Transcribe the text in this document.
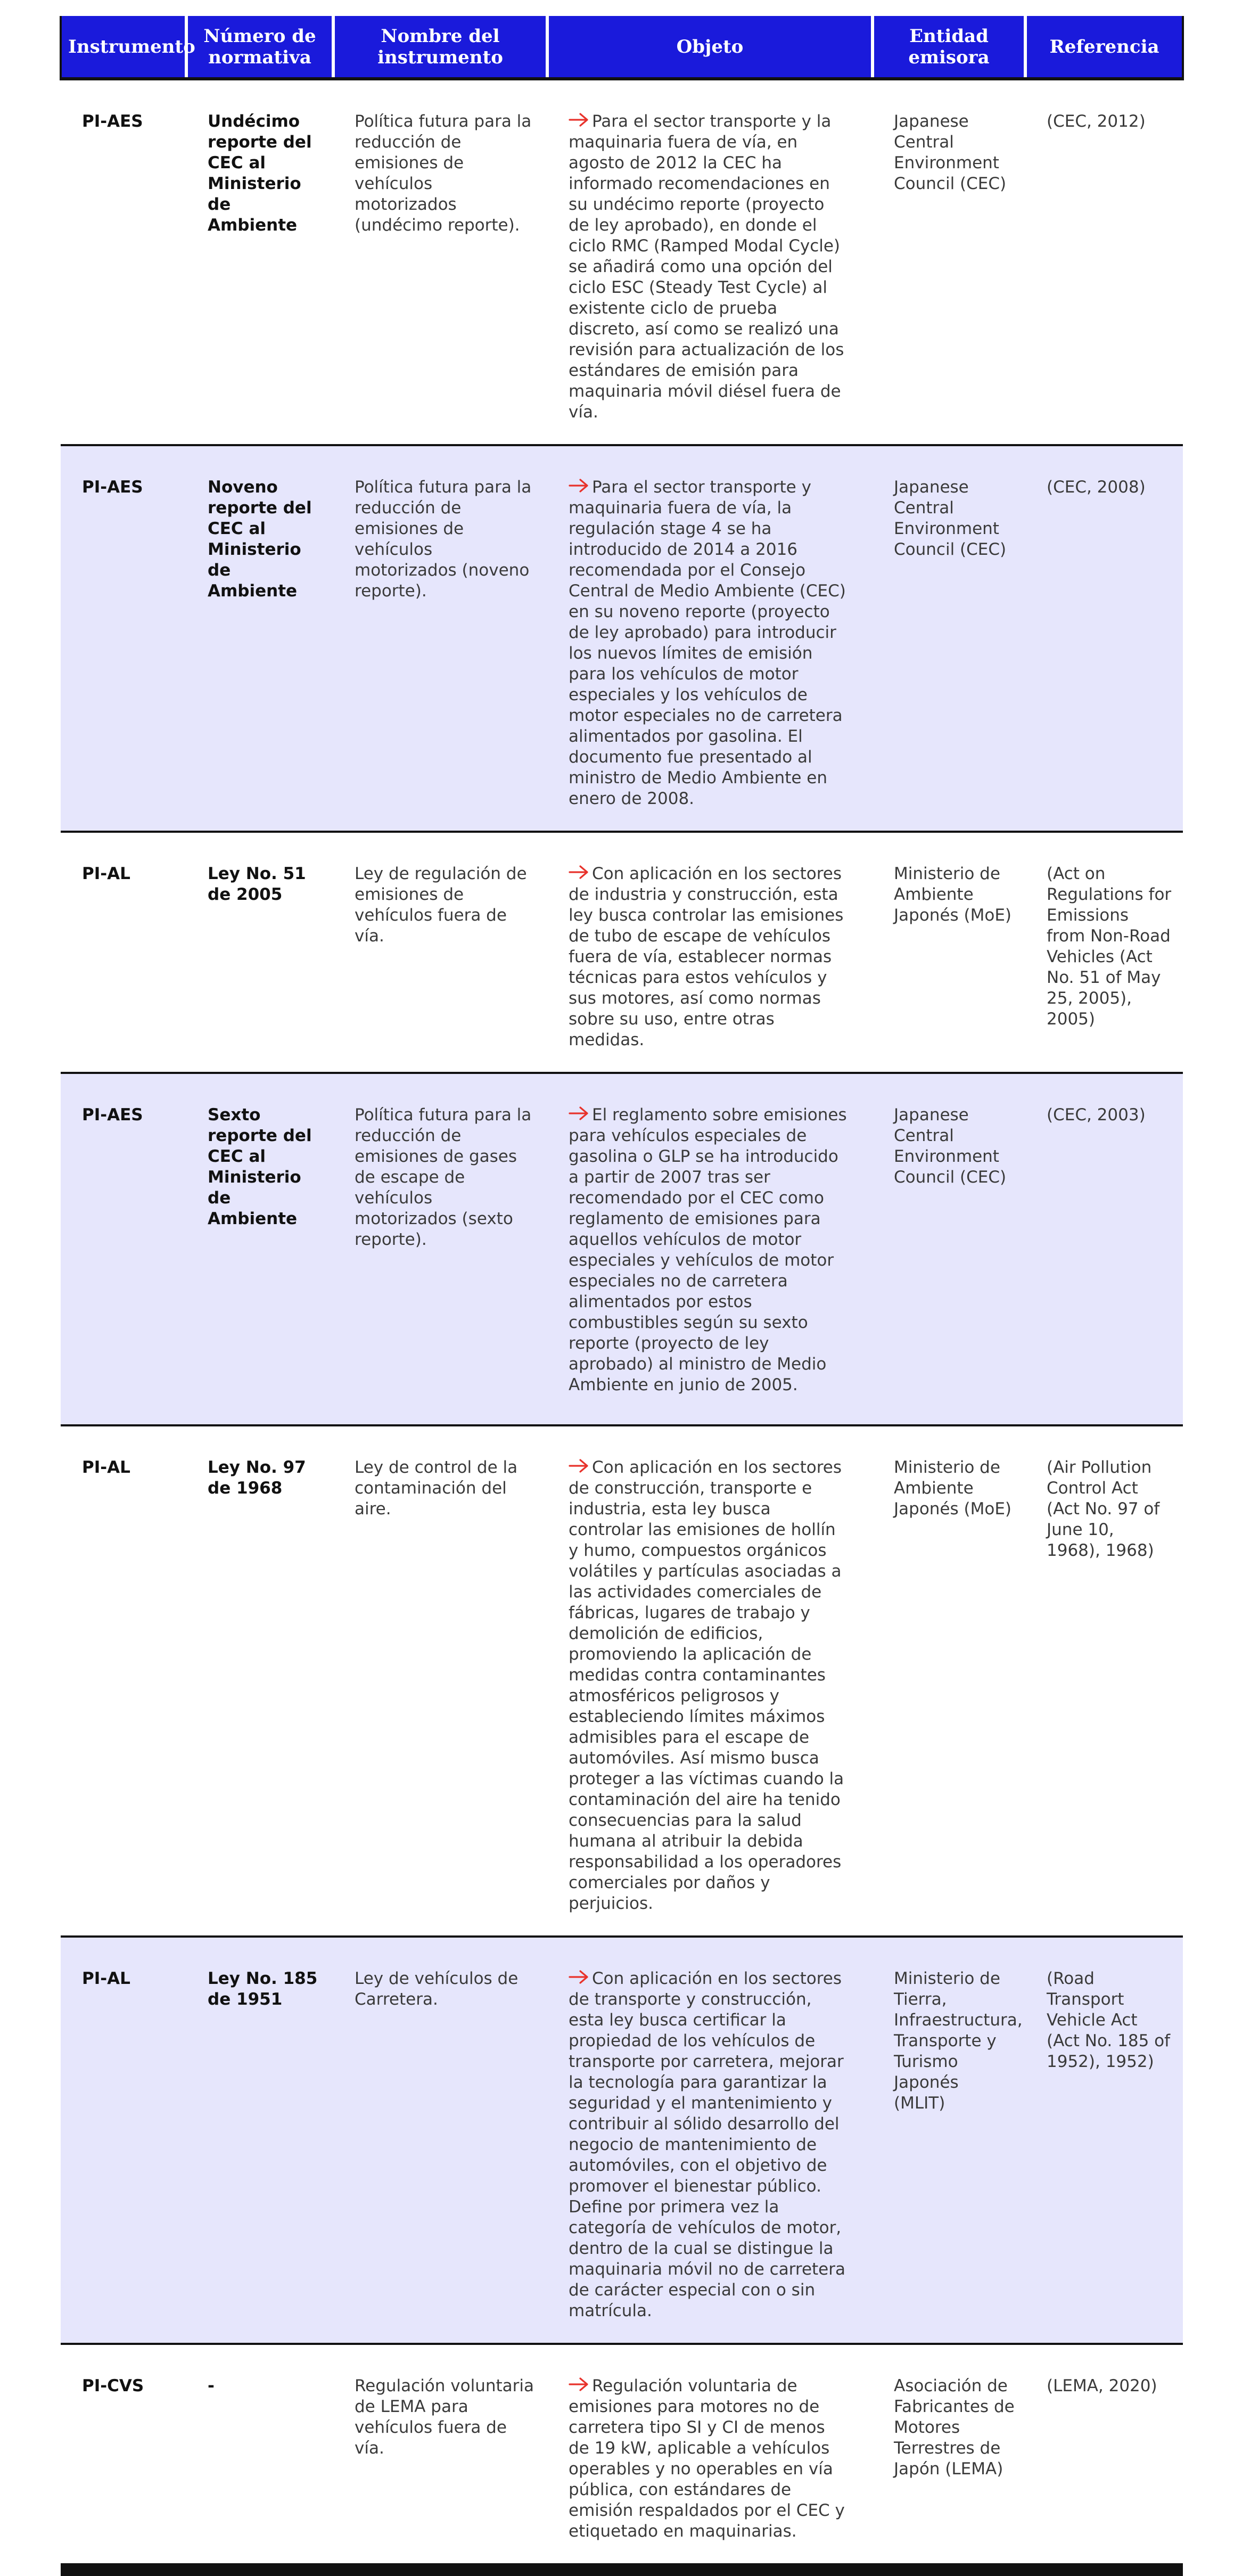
Instrumento	Número de normativa	Nombre del instrumento	Objeto	Entidad emisora	Referencia
PI-AES	Undécimo reporte del CEC al Ministerio de Ambiente	Política futura para la reducción de emisiones de vehículos motorizados (undécimo reporte).	Para el sector transporte y la maquinaria fuera de vía, en agosto de 2012 la CEC ha informado recomendaciones en su undécimo reporte (proyecto de ley aprobado), en donde el ciclo RMC (Ramped Modal Cycle) se añadirá como una opción del ciclo ESC (Steady Test Cycle) al existente ciclo de prueba discreto, así como se realizó una revisión para actualización de los estándares de emisión para maquinaria móvil diésel fuera de vía.	Japanese Central Environment Council (CEC)	(CEC, 2012)
PI-AES	Noveno reporte del CEC al Ministerio de Ambiente	Política futura para la reducción de emisiones de vehículos motorizados (noveno reporte).	Para el sector transporte y maquinaria fuera de vía, la regulación stage 4 se ha introducido de 2014 a 2016 recomendada por el Consejo Central de Medio Ambiente (CEC) en su noveno reporte (proyecto de ley aprobado) para introducir los nuevos límites de emisión para los vehículos de motor especiales y los vehículos de motor especiales no de carretera alimentados por gasolina. El documento fue presentado al ministro de Medio Ambiente en enero de 2008.	Japanese Central Environment Council (CEC)	(CEC, 2008)
PI-AL	Ley No. 51 de 2005	Ley de regulación de emisiones de vehículos fuera de vía.	Con aplicación en los sectores de industria y construcción, esta ley busca controlar las emisiones de tubo de escape de vehículos fuera de vía, establecer normas técnicas para estos vehículos y sus motores, así como normas sobre su uso, entre otras medidas.	Ministerio de Ambiente Japonés (MoE)	(Act on Regulations for Emissions from Non-Road Vehicles (Act No. 51 of May 25, 2005), 2005)
PI-AES	Sexto reporte del CEC al Ministerio de Ambiente	Política futura para la reducción de emisiones de gases de escape de vehículos motorizados (sexto reporte).	El reglamento sobre emisiones para vehículos especiales de gasolina o GLP se ha introducido a partir de 2007 tras ser recomendado por el CEC como reglamento de emisiones para aquellos vehículos de motor especiales y vehículos de motor especiales no de carretera alimentados por estos combustibles según su sexto reporte (proyecto de ley aprobado) al ministro de Medio Ambiente en junio de 2005.	Japanese Central Environment Council (CEC)	(CEC, 2003)
PI-AL	Ley No. 97 de 1968	Ley de control de la contaminación del aire.	Con aplicación en los sectores de construcción, transporte e industria, esta ley busca controlar las emisiones de hollín y humo, compuestos orgánicos volátiles y partículas asociadas a las actividades comerciales de fábricas, lugares de trabajo y demolición de edificios, promoviendo la aplicación de medidas contra contaminantes atmosféricos peligrosos y estableciendo límites máximos admisibles para el escape de automóviles. Así mismo busca proteger a las víctimas cuando la contaminación del aire ha tenido consecuencias para la salud humana al atribuir la debida responsabilidad a los operadores comerciales por daños y perjuicios.	Ministerio de Ambiente Japonés (MoE)	(Air Pollution Control Act (Act No. 97 of June 10, 1968), 1968)
PI-AL	Ley No. 185 de 1951	Ley de vehículos de Carretera.	Con aplicación en los sectores de transporte y construcción, esta ley busca certificar la propiedad de los vehículos de transporte por carretera, mejorar la tecnología para garantizar la seguridad y el mantenimiento y contribuir al sólido desarrollo del negocio de mantenimiento de automóviles, con el objetivo de promover el bienestar público. Define por primera vez la categoría de vehículos de motor, dentro de la cual se distingue la maquinaria móvil no de carretera de carácter especial con o sin matrícula.	Ministerio de Tierra, Infraestructura, Transporte y Turismo Japonés (MLIT)	(Road Transport Vehicle Act (Act No. 185 of 1952), 1952)
PI-CVS	-	Regulación voluntaria de LEMA para vehículos fuera de vía.	Regulación voluntaria de emisiones para motores no de carretera tipo SI y CI de menos de 19 kW, aplicable a vehículos operables y no operables en vía pública, con estándares de emisión respaldados por el CEC y etiquetado en maquinarias.	Asociación de Fabricantes de Motores Terrestres de Japón (LEMA)	(LEMA, 2020)
